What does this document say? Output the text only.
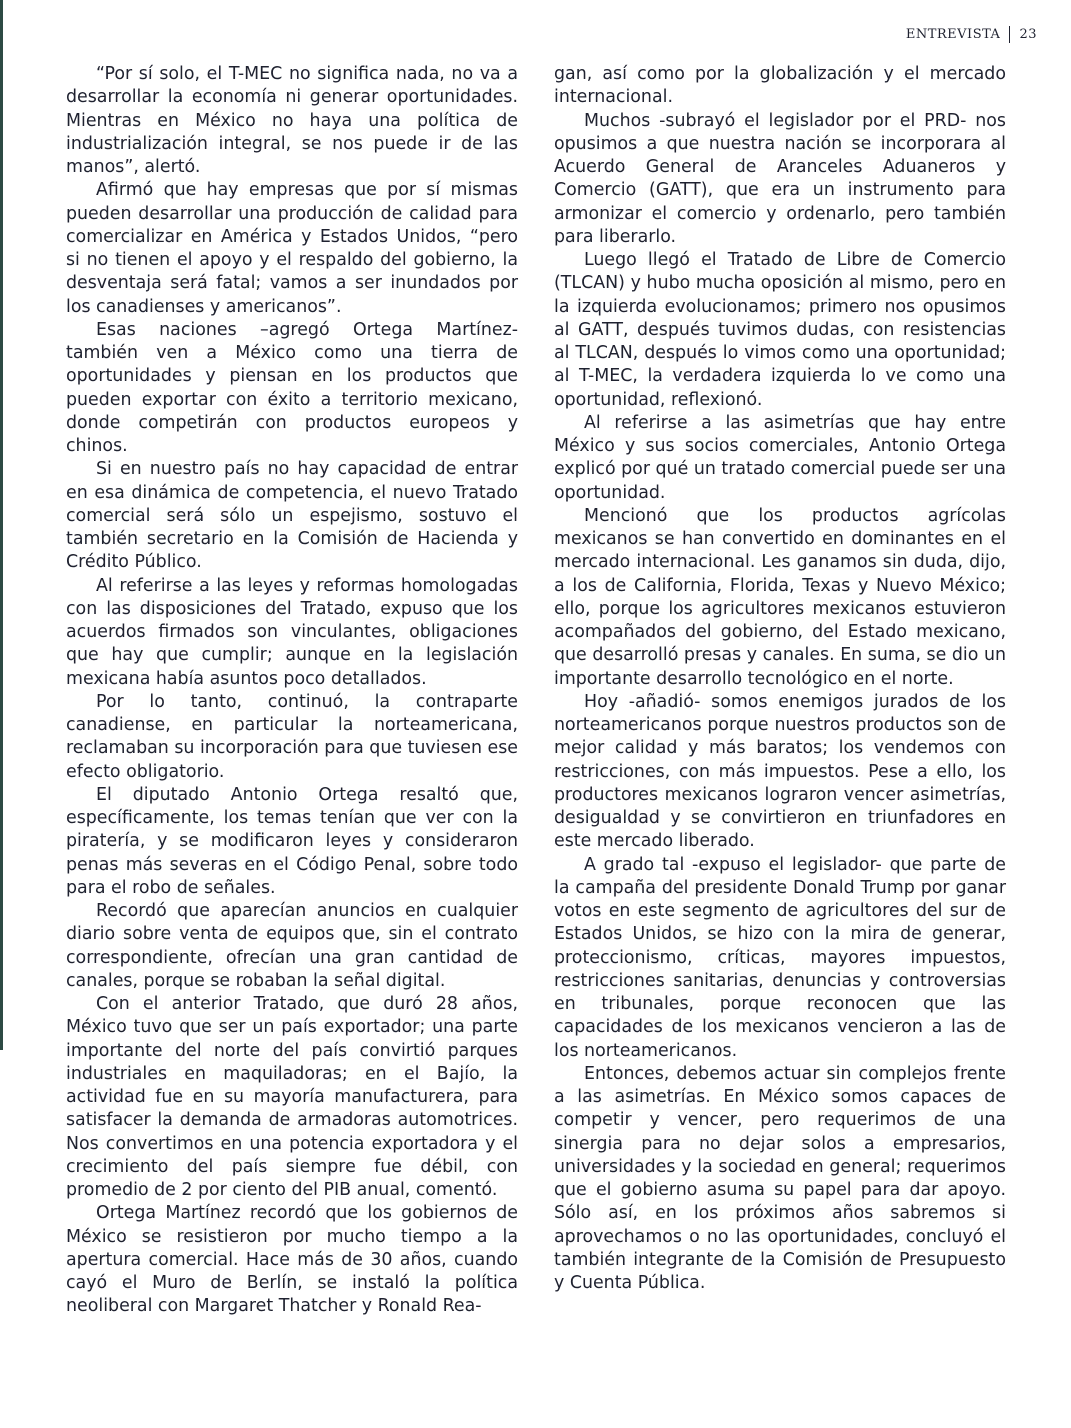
ENTREVISTA 23

“Por sí solo, el T-MEC no significa nada, no va a desarrollar la economía ni generar oportunidades. Mientras en México no haya una política de industrialización integral, se nos puede ir de las manos”, alertó.

Afirmó que hay empresas que por sí mismas pueden desarrollar una producción de calidad para comercializar en América y Estados Unidos, “pero si no tienen el apoyo y el respaldo del gobierno, la desventaja será fatal; vamos a ser inundados por los canadienses y americanos”.

Esas naciones –agregó Ortega Martínez- también ven a México como una tierra de oportunidades y piensan en los productos que pueden exportar con éxito a territorio mexicano, donde competirán con productos europeos y chinos.

Si en nuestro país no hay capacidad de entrar en esa dinámica de competencia, el nuevo Tratado comercial será sólo un espejismo, sostuvo el también secretario en la Comisión de Hacienda y Crédito Público.

Al referirse a las leyes y reformas homologadas con las disposiciones del Tratado, expuso que los acuerdos firmados son vinculantes, obligaciones que hay que cumplir; aunque en la legislación mexicana había asuntos poco detallados.

Por lo tanto, continuó, la contraparte canadiense, en particular la norteamericana, reclamaban su incorporación para que tuviesen ese efecto obligatorio.

El diputado Antonio Ortega resaltó que, específicamente, los temas tenían que ver con la piratería, y se modificaron leyes y consideraron penas más severas en el Código Penal, sobre todo para el robo de señales.

Recordó que aparecían anuncios en cualquier diario sobre venta de equipos que, sin el contrato correspondiente, ofrecían una gran cantidad de canales, porque se robaban la señal digital.

Con el anterior Tratado, que duró 28 años, México tuvo que ser un país exportador; una parte importante del norte del país convirtió parques industriales en maquiladoras; en el Bajío, la actividad fue en su mayoría manufacturera, para satisfacer la demanda de armadoras automotrices. Nos convertimos en una potencia exportadora y el crecimiento del país siempre fue débil, con promedio de 2 por ciento del PIB anual, comentó.

Ortega Martínez recordó que los gobiernos de México se resistieron por mucho tiempo a la apertura comercial. Hace más de 30 años, cuando cayó el Muro de Berlín, se instaló la política neoliberal con Margaret Thatcher y Ronald Rea-

gan, así como por la globalización y el mercado internacional.

Muchos -subrayó el legislador por el PRD- nos opusimos a que nuestra nación se incorporara al Acuerdo General de Aranceles Aduaneros y Comercio (GATT), que era un instrumento para armonizar el comercio y ordenarlo, pero también para liberarlo.

Luego llegó el Tratado de Libre de Comercio (TLCAN) y hubo mucha oposición al mismo, pero en la izquierda evolucionamos; primero nos opusimos al GATT, después tuvimos dudas, con resistencias al TLCAN, después lo vimos como una oportunidad; al T-MEC, la verdadera izquierda lo ve como una oportunidad, reflexionó.

Al referirse a las asimetrías que hay entre México y sus socios comerciales, Antonio Ortega explicó por qué un tratado comercial puede ser una oportunidad.

Mencionó que los productos agrícolas mexicanos se han convertido en dominantes en el mercado internacional. Les ganamos sin duda, dijo, a los de California, Florida, Texas y Nuevo México; ello, porque los agricultores mexicanos estuvieron acompañados del gobierno, del Estado mexicano, que desarrolló presas y canales. En suma, se dio un importante desarrollo tecnológico en el norte.

Hoy -añadió- somos enemigos jurados de los norteamericanos porque nuestros productos son de mejor calidad y más baratos; los vendemos con restricciones, con más impuestos. Pese a ello, los productores mexicanos lograron vencer asimetrías, desigualdad y se convirtieron en triunfadores en este mercado liberado.

A grado tal -expuso el legislador- que parte de la campaña del presidente Donald Trump por ganar votos en este segmento de agricultores del sur de Estados Unidos, se hizo con la mira de generar, proteccionismo, críticas, mayores impuestos, restricciones sanitarias, denuncias y controversias en tribunales, porque reconocen que las capacidades de los mexicanos vencieron a las de los norteamericanos.

Entonces, debemos actuar sin complejos frente a las asimetrías. En México somos capaces de competir y vencer, pero requerimos de una sinergia para no dejar solos a empresarios, universidades y la sociedad en general; requerimos que el gobierno asuma su papel para dar apoyo. Sólo así, en los próximos años sabremos si aprovechamos o no las oportunidades, concluyó el también integrante de la Comisión de Presupuesto y Cuenta Pública.
